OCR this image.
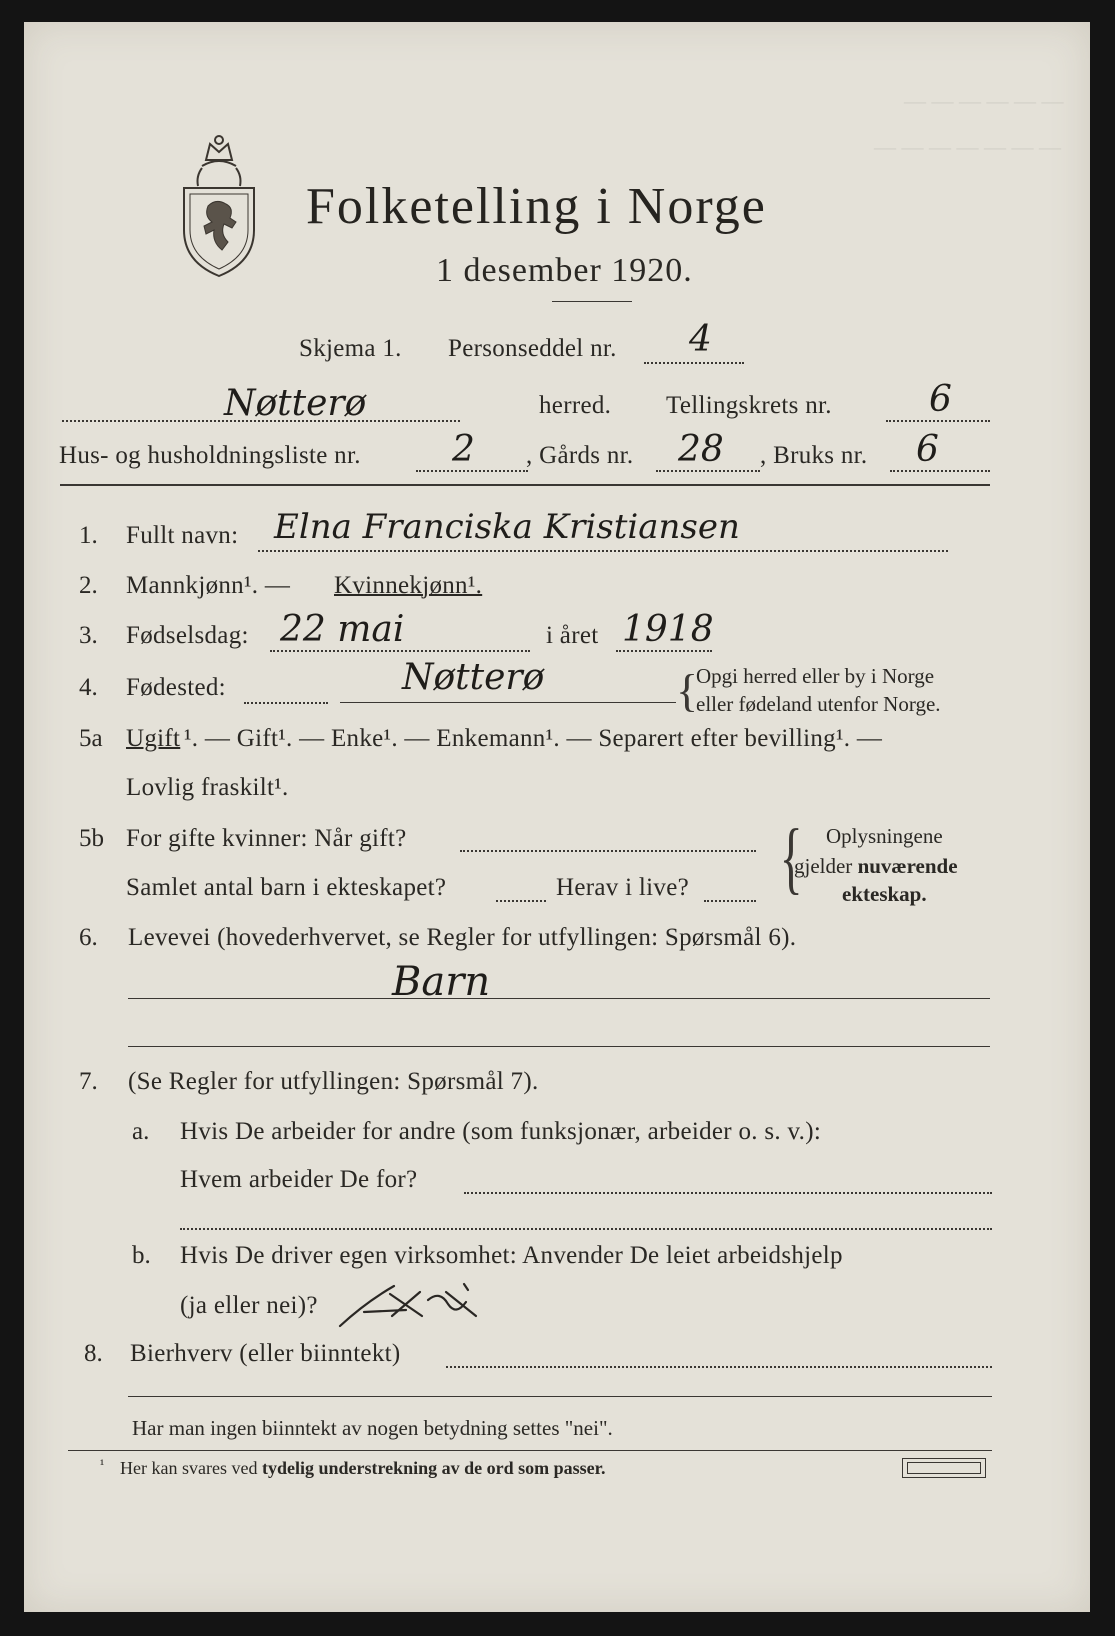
— — — — — —
— — — — — — —
Folketelling i Norge
1 desember 1920.
Skjema 1. Personseddel nr. 4
Nøtterø	herred. Tellingskrets nr.	6
Hus- og husholdningsliste nr.	2 , Gårds nr. 28 , Bruks nr. 6
1. Fullt navn: Elna Franciska Kristiansen
2. Mannkjønn¹. — Kvinnekjønn¹.
3. Fødselsdag: 22 mai	i året 1918
4. Fødested:	Nøtterø	{
Opgi herred eller by i Norge
eller fødeland utenfor Norge.
5a Ugift ¹. — Gift¹. — Enke¹. — Enkemann¹. — Separert efter bevilling¹. —
Lovlig fraskilt¹.
5b For gifte kvinner: Når gift?
Samlet antal barn i ekteskapet?	Herav i live? { Oplysningene
gjelder nuværende
ekteskap.
6. Levevei (hovederhvervet, se Regler for utfyllingen: Spørsmål 6).
Barn
7. (Se Regler for utfyllingen: Spørsmål 7).
a. Hvis De arbeider for andre (som funksjonær, arbeider o. s. v.):
Hvem arbeider De for?
b. Hvis De driver egen virksomhet: Anvender De leiet arbeidshjelp
(ja eller nei)?
8. Bierhverv (eller biinntekt)
Har man ingen biinntekt av nogen betydning settes "nei".
¹ Her kan svares ved tydelig understrekning av de ord som passer.
